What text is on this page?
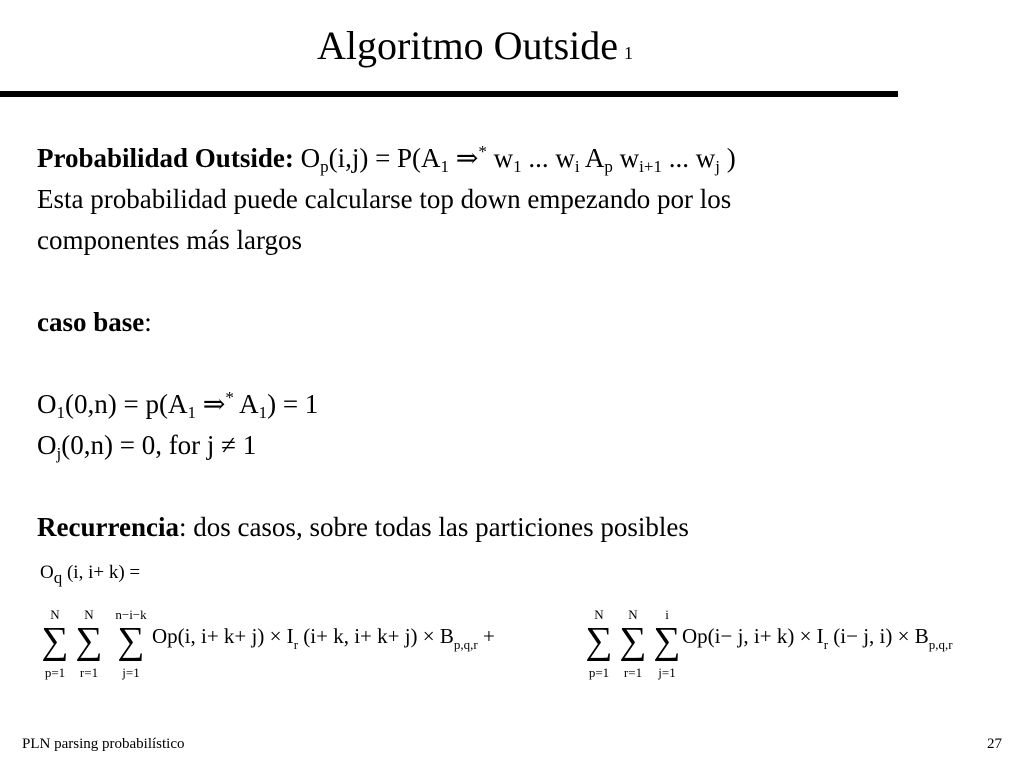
Algoritmo Outside 1

Probabilidad Outside: $O_p(i,j) = P(A_1$ ⇒* $w_1$ ... $w_i$ $A_p$ $w_{i+1}$ ... $w_j$ )

Esta probabilidad puede calcularse top down empezando por los

componentes más largos

caso base:

$O_1(0,n) = p(A_1$ ⇒* $A_1) = 1$

$O_j(0,n) = 0$, for j ≠ 1

Recurrencia: dos casos, sobre todas las particiones posibles

$O_q$ (i, i+ k) =
N
∑
p=1
N
∑
r=1
n−i−k
∑
j=1
Op(i, $i+ k+ j) \times I_r$ (i+ k, $i+ k+ j) \times B_{p,q,r}$ +
N
∑
p=1
N
∑
r=1
i
∑
j=1
Op(i− j, $i+ k) \times I_r$ (i− j, $i) \times B_{p,q,r}$
PLN parsing probabilístico	27
